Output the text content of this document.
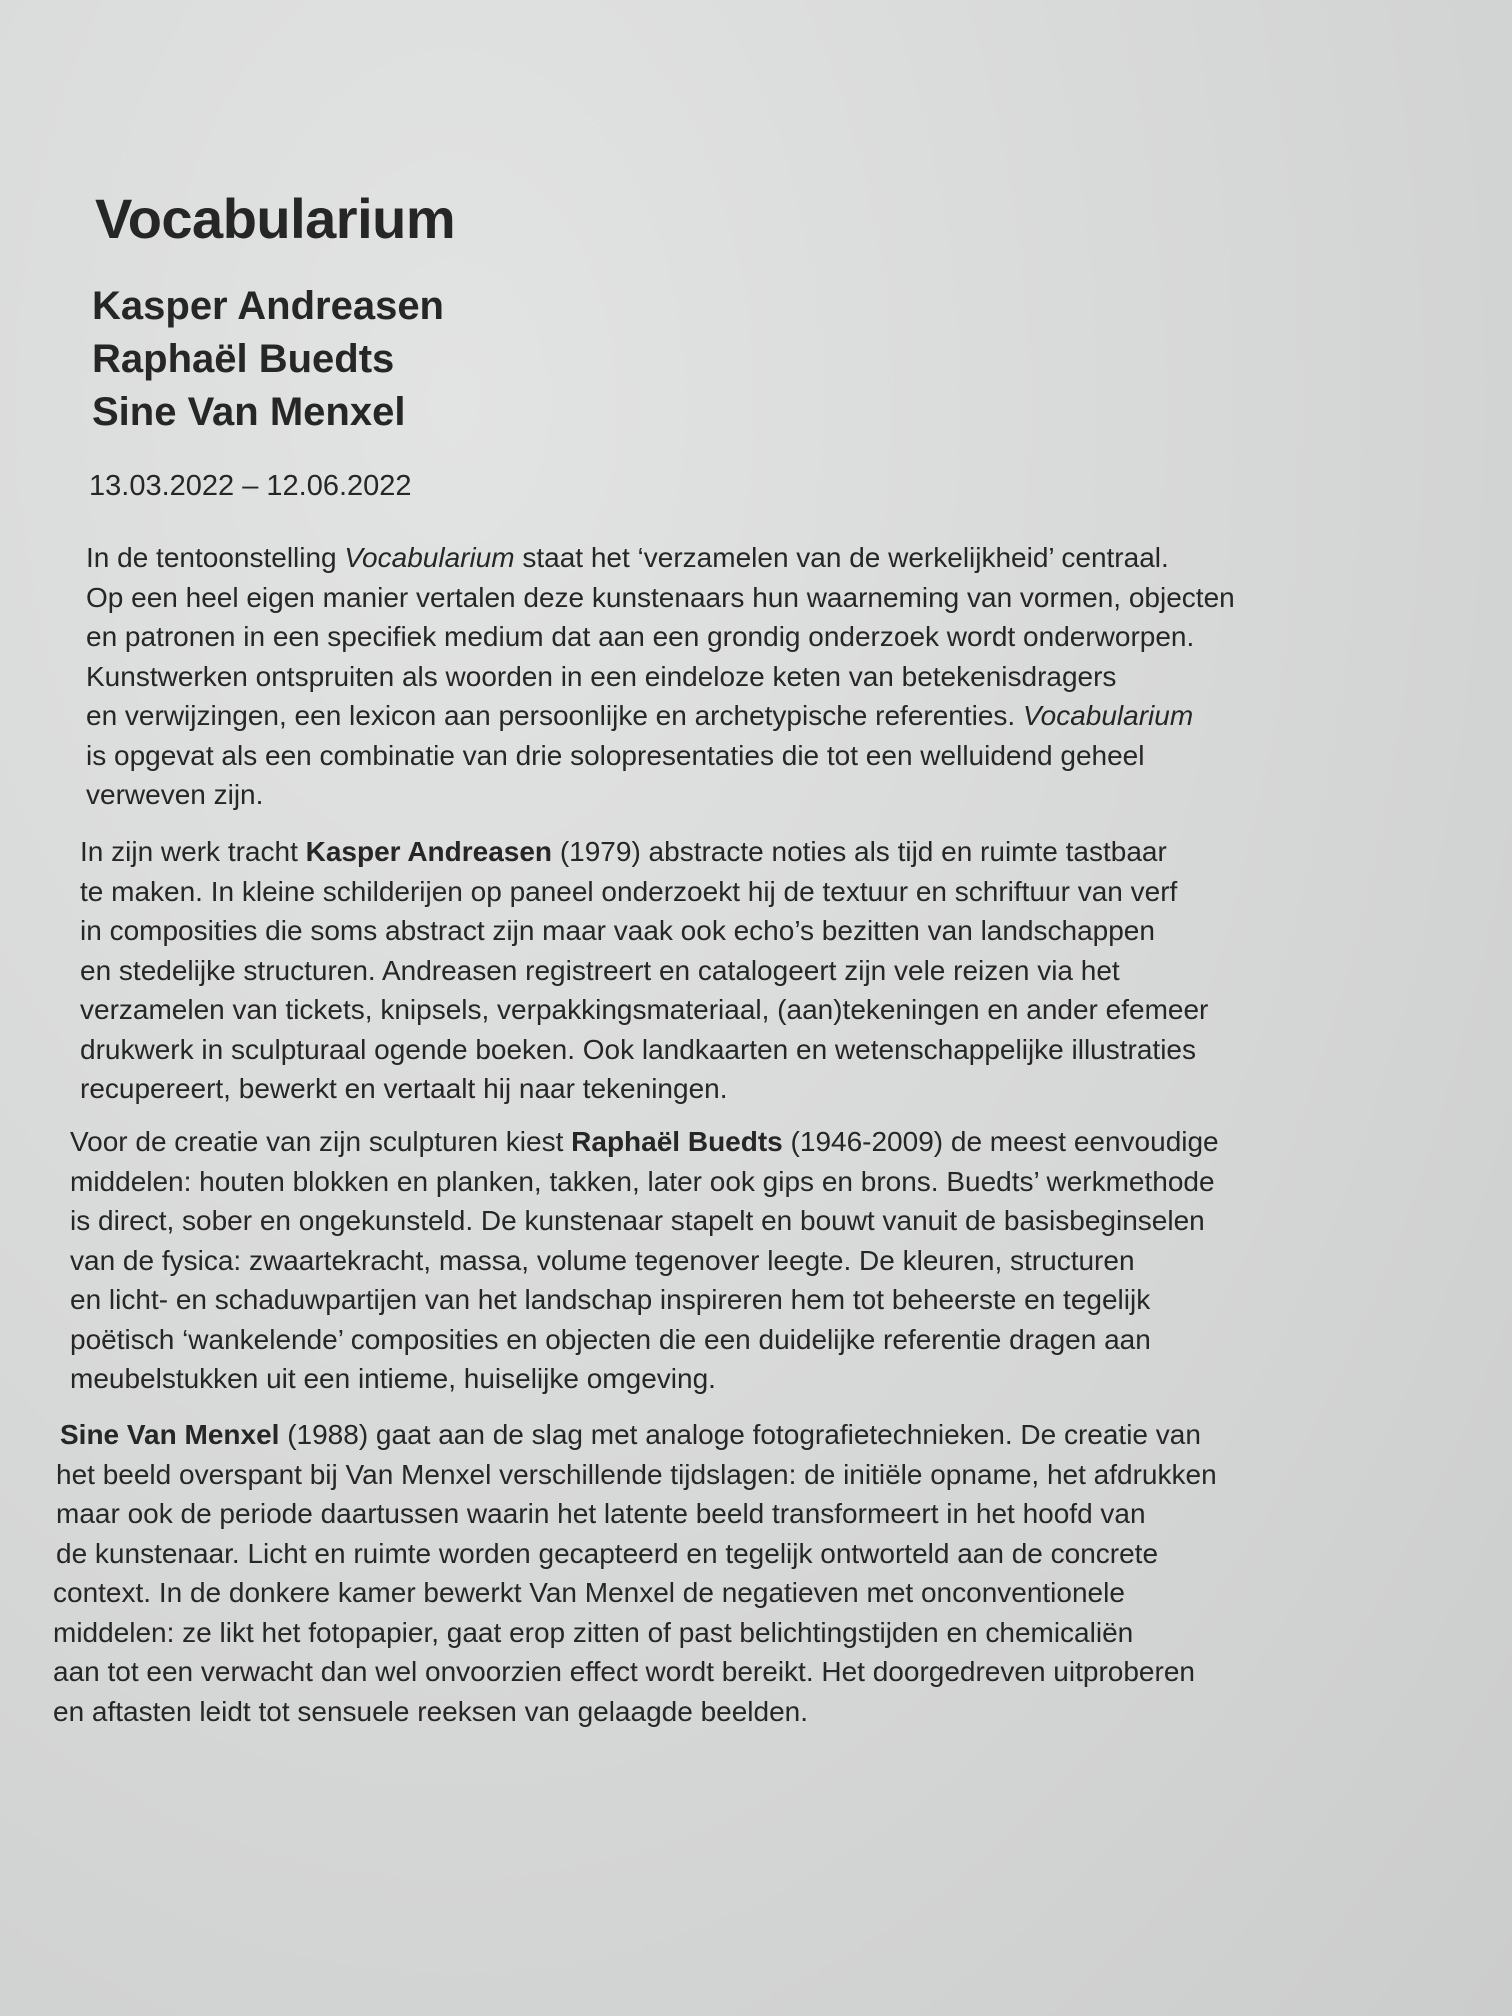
Vocabularium
Kasper Andreasen
Raphaël Buedts
Sine Van Menxel

13.03.2022 – 12.06.2022

In de tentoonstelling Vocabularium staat het ‘verzamelen van de werkelijkheid’ centraal.
Op een heel eigen manier vertalen deze kunstenaars hun waarneming van vormen, objecten
en patronen in een specifiek medium dat aan een grondig onderzoek wordt onderworpen.
Kunstwerken ontspruiten als woorden in een eindeloze keten van betekenisdragers
en verwijzingen, een lexicon aan persoonlijke en archetypische referenties. Vocabularium
is opgevat als een combinatie van drie solopresentaties die tot een welluidend geheel
verweven zijn.

In zijn werk tracht Kasper Andreasen (1979) abstracte noties als tijd en ruimte tastbaar
te maken. In kleine schilderijen op paneel onderzoekt hij de textuur en schriftuur van verf
in composities die soms abstract zijn maar vaak ook echo’s bezitten van landschappen
en stedelijke structuren. Andreasen registreert en catalogeert zijn vele reizen via het
verzamelen van tickets, knipsels, verpakkingsmateriaal, (aan)tekeningen en ander efemeer
drukwerk in sculpturaal ogende boeken. Ook landkaarten en wetenschappelijke illustraties
recupereert, bewerkt en vertaalt hij naar tekeningen.

Voor de creatie van zijn sculpturen kiest Raphaël Buedts (1946-2009) de meest eenvoudige
middelen: houten blokken en planken, takken, later ook gips en brons. Buedts’ werkmethode
is direct, sober en ongekunsteld. De kunstenaar stapelt en bouwt vanuit de basisbeginselen
van de fysica: zwaartekracht, massa, volume tegenover leegte. De kleuren, structuren
en licht- en schaduwpartijen van het landschap inspireren hem tot beheerste en tegelijk
poëtisch ‘wankelende’ composities en objecten die een duidelijke referentie dragen aan
meubelstukken uit een intieme, huiselijke omgeving.

Sine Van Menxel (1988) gaat aan de slag met analoge fotografietechnieken. De creatie van
het beeld overspant bij Van Menxel verschillende tijdslagen: de initiële opname, het afdrukken
maar ook de periode daartussen waarin het latente beeld transformeert in het hoofd van
de kunstenaar. Licht en ruimte worden gecapteerd en tegelijk ontworteld aan de concrete
context. In de donkere kamer bewerkt Van Menxel de negatieven met onconventionele
middelen: ze likt het fotopapier, gaat erop zitten of past belichtingstijden en chemicaliën
aan tot een verwacht dan wel onvoorzien effect wordt bereikt. Het doorgedreven uitproberen
en aftasten leidt tot sensuele reeksen van gelaagde beelden.
